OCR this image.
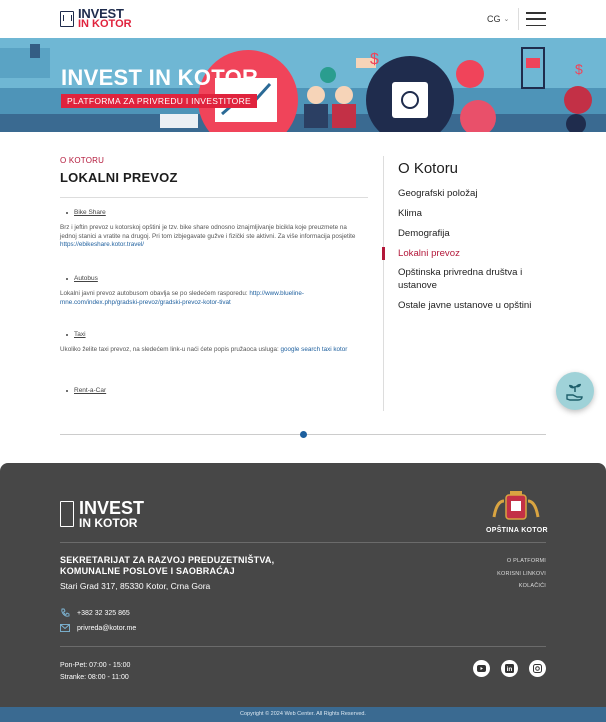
INVEST
IN KOTOR	CG ⌄
$
$
INVEST IN KOTOR
PLATFORMA ZA PRIVREDU I INVESTITORE
O KOTORU
LOKALNI PREVOZ
Bike Share
Brz i jeftin prevoz u kotorskoj opštini je tzv. bike share odnosno iznajmljivanje bicikla koje preuzmete na jednoj stanici a vratite na drugoj. Pri tom izbjegavate gužve i fizički ste aktivni. Za više informacija posjetite https://ebikeshare.kotor.travel/
Autobus
Lokalni javni prevoz autobusom obavlja se po sledećem rasporedu: http://www.blueline-mne.com/index.php/gradski-prevoz/gradski-prevoz-kotor-tivat
Taxi
Ukoliko želite taxi prevoz, na sledećem link-u naći ćete popis pružaoca usluga: google search taxi kotor
Rent-a-Car
O Kotoru
Geografski položaj
Klima
Demografija
Lokalni prevoz
Opštinska privredna društva i ustanove
Ostale javne ustanove u opštini
INVEST
IN KOTOR
OPŠTINA KOTOR
SEKRETARIJAT ZA RAZVOJ PREDUZETNIŠTVA,
KOMUNALNE POSLOVE I SAOBRAĆAJ
Stari Grad 317, 85330 Kotor, Crna Gora
O PLATFORMI
KORISNI LINKOVI
KOLAČIĆI
+382 32 325 865
privreda@kotor.me
Pon-Pet: 07:00 - 15:00
Stranke: 08:00 - 11:00
in
Copyright © 2024 Web Center. All Rights Reserved.
